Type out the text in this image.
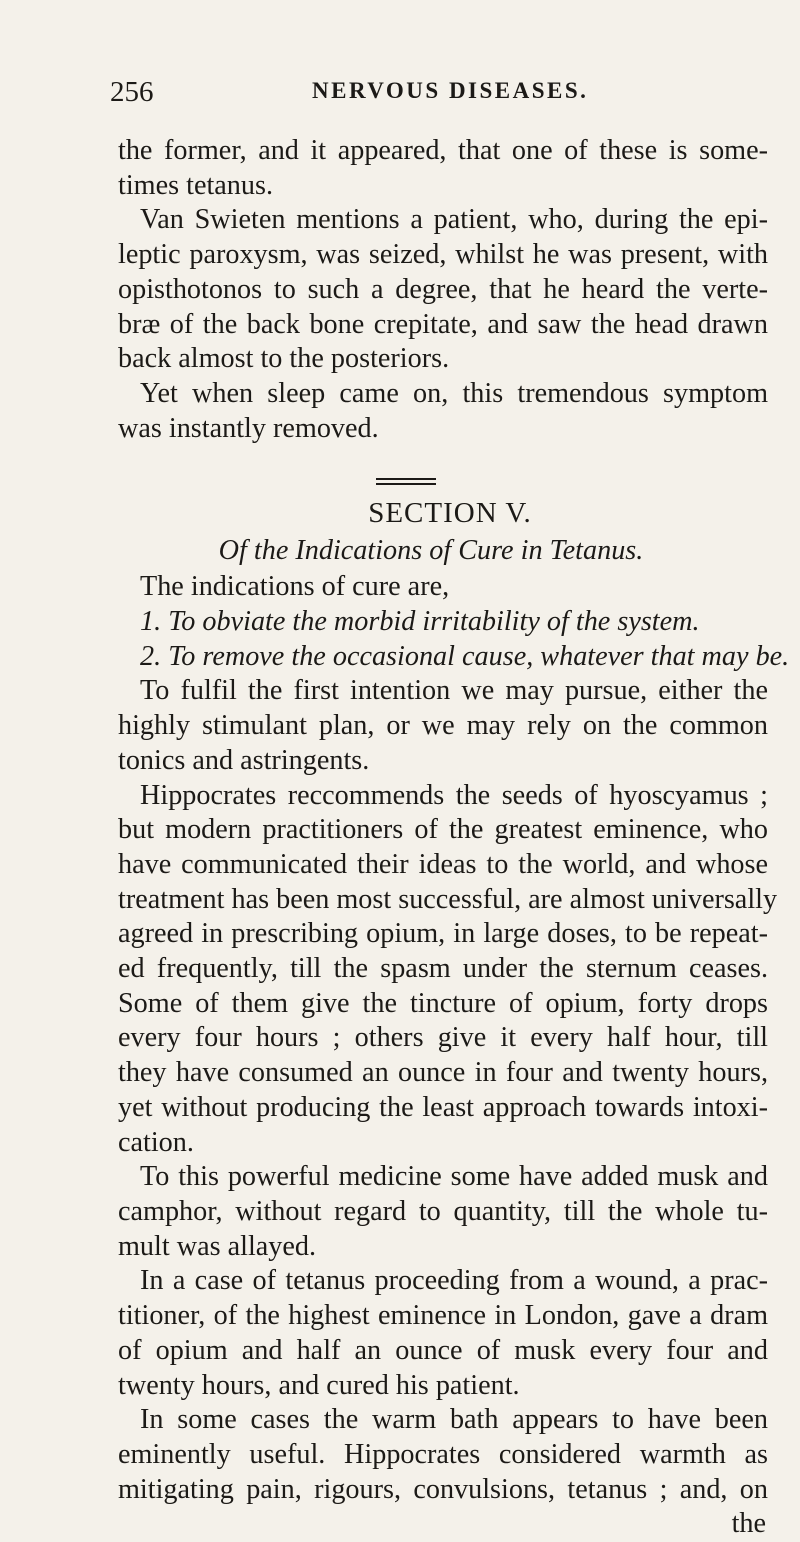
256	NERVOUS DISEASES.
the former, and it appeared, that one of these is some-
times tetanus.
Van Swieten mentions a patient, who, during the epi-
leptic paroxysm, was seized, whilst he was present, with
opisthotonos to such a degree, that he heard the verte-
bræ of the back bone crepitate, and saw the head drawn
back almost to the posteriors.
Yet when sleep came on, this tremendous symptom
was instantly removed.
SECTION V.
Of the Indications of Cure in Tetanus.
The indications of cure are,
1. To obviate the morbid irritability of the system.
2. To remove the occasional cause, whatever that may be.
To fulfil the first intention we may pursue, either the
highly stimulant plan, or we may rely on the common
tonics and astringents.
Hippocrates reccommends the seeds of hyoscyamus ;
but modern practitioners of the greatest eminence, who
have communicated their ideas to the world, and whose
treatment has been most successful, are almost universally
agreed in prescribing opium, in large doses, to be repeat-
ed frequently, till the spasm under the sternum ceases.
Some of them give the tincture of opium, forty drops
every four hours ; others give it every half hour, till
they have consumed an ounce in four and twenty hours,
yet without producing the least approach towards intoxi-
cation.
To this powerful medicine some have added musk and
camphor, without regard to quantity, till the whole tu-
mult was allayed.
In a case of tetanus proceeding from a wound, a prac-
titioner, of the highest eminence in London, gave a dram
of opium and half an ounce of musk every four and
twenty hours, and cured his patient.
In some cases the warm bath appears to have been
eminently useful. Hippocrates considered warmth as
mitigating pain, rigours, convulsions, tetanus ; and, on
the
